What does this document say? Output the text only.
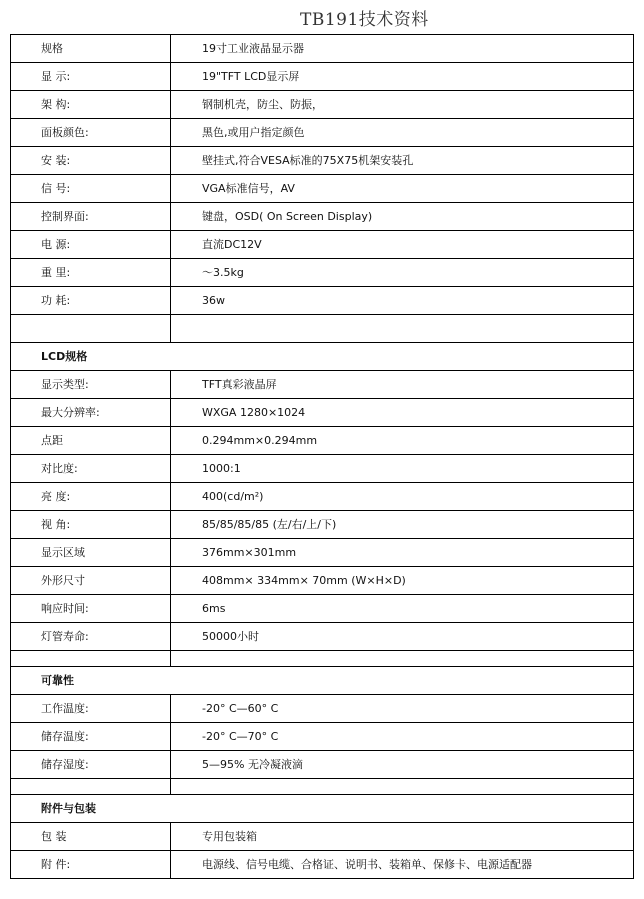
TB191技术资料
规格	19寸工业液晶显示器
显 示:	19"TFT LCD显示屏
架 构:	钢制机壳，防尘、防振，
面板颜色:	黑色,或用户指定颜色
安 装:	壁挂式,符合VESA标准的75X75机架安装孔
信 号:	VGA标准信号，AV
控制界面:	键盘，OSD( On Screen Display)
电 源:	直流DC12V
重 里:	～3.5kg
功 耗:	36w

LCD规格	
显示类型:	TFT真彩液晶屏
最大分辨率:	WXGA 1280×1024
点距	0.294mm×0.294mm
对比度:	1000:1
亮 度:	400(cd/m²)
视 角:	85/85/85/85 (左/右/上/下)
显示区域	376mm×301mm
外形尺寸	408mm× 334mm× 70mm (W×H×D)
响应时间:	6ms
灯管寿命:	50000小时

可靠性	
工作温度:	-20° C—60° C
储存温度:	-20° C—70° C
储存湿度:	5—95% 无冷凝液滴

附件与包装	
包 装	专用包装箱
附 件:	电源线、信号电缆、合格证、说明书、装箱单、保修卡、电源适配器
